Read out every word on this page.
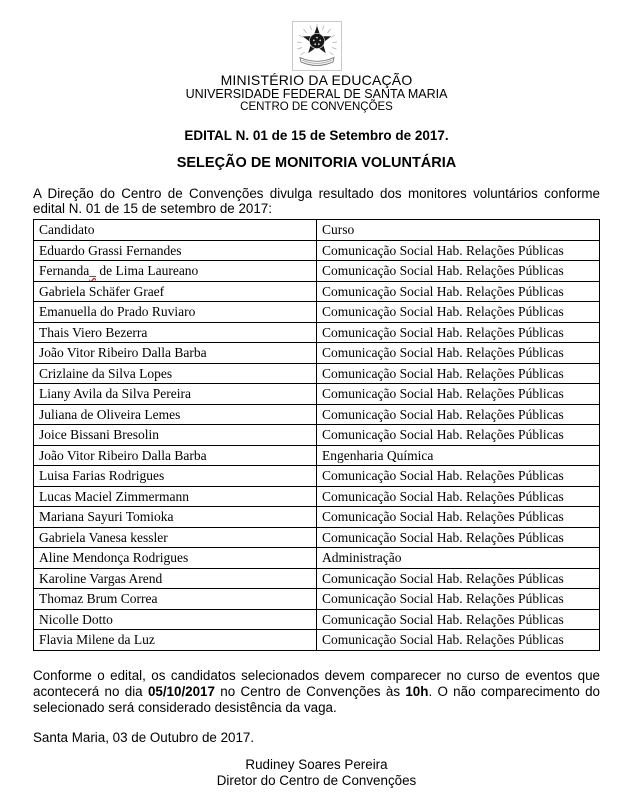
MINISTÉRIO DA EDUCAÇÃO
UNIVERSIDADE FEDERAL DE SANTA MARIA
CENTRO DE CONVENÇÕES
EDITAL N. 01 de 15 de Setembro de 2017.
SELEÇÃO DE MONITORIA VOLUNTÁRIA

A Direção do Centro de Convenções divulga resultado dos monitores voluntários conforme edital N. 01 de 15 de setembro de 2017:

Candidato	Curso
Eduardo Grassi Fernandes	Comunicação Social Hab. Relações Públicas
Fernanda_ de Lima Laureano	Comunicação Social Hab. Relações Públicas
Gabriela Schäfer Graef	Comunicação Social Hab. Relações Públicas
Emanuella do Prado Ruviaro	Comunicação Social Hab. Relações Públicas
Thais Viero Bezerra	Comunicação Social Hab. Relações Públicas
João Vitor Ribeiro Dalla Barba	Comunicação Social Hab. Relações Públicas
Crizlaine da Silva Lopes	Comunicação Social Hab. Relações Públicas
Liany Avila da Silva Pereira	Comunicação Social Hab. Relações Públicas
Juliana de Oliveira Lemes	Comunicação Social Hab. Relações Públicas
Joice Bissani Bresolin	Comunicação Social Hab. Relações Públicas
João Vitor Ribeiro Dalla Barba	Engenharia Química
Luisa Farias Rodrigues	Comunicação Social Hab. Relações Públicas
Lucas Maciel Zimmermann	Comunicação Social Hab. Relações Públicas
Mariana Sayuri Tomioka	Comunicação Social Hab. Relações Públicas
Gabriela Vanesa kessler	Comunicação Social Hab. Relações Públicas
Aline Mendonça Rodrigues	Administração
Karoline Vargas Arend	Comunicação Social Hab. Relações Públicas
Thomaz Brum Correa	Comunicação Social Hab. Relações Públicas
Nicolle Dotto	Comunicação Social Hab. Relações Públicas
Flavia Milene da Luz	Comunicação Social Hab. Relações Públicas

Conforme o edital, os candidatos selecionados devem comparecer no curso de eventos que acontecerá no dia 05/10/2017 no Centro de Convenções às 10h. O não comparecimento do selecionado será considerado desistência da vaga.

Santa Maria, 03 de Outubro de 2017.
Rudiney Soares Pereira
Diretor do Centro de Convenções
